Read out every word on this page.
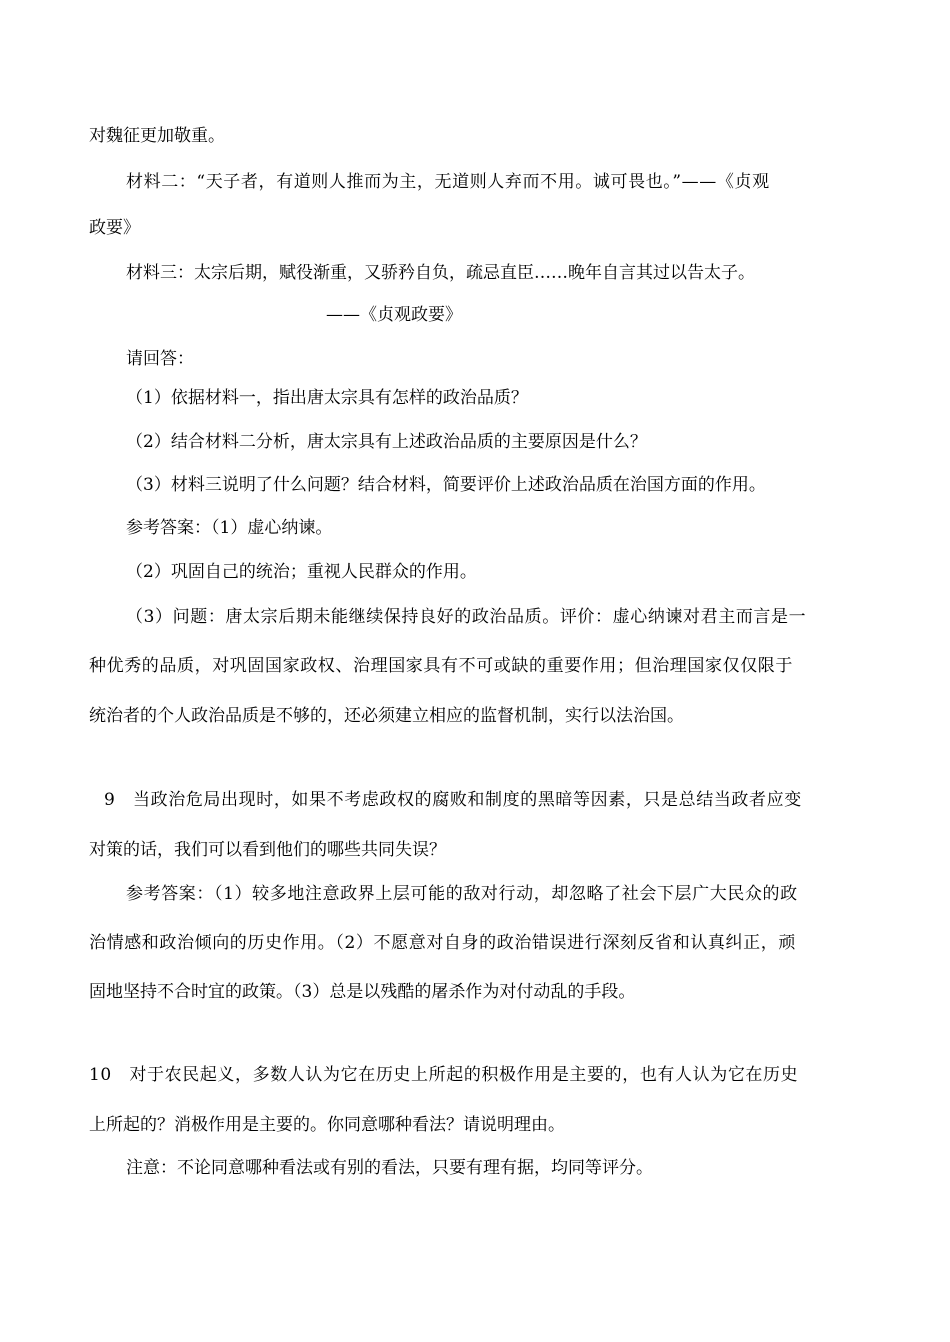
对魏征更加敬重。
材料二：“天子者，有道则人推而为主，无道则人弃而不用。诚可畏也。”——《贞观
政要》
材料三：太宗后期，赋役渐重，又骄矜自负，疏忌直臣……晚年自言其过以告太子。
——《贞观政要》
请回答：
（1）依据材料一，指出唐太宗具有怎样的政治品质？
（2）结合材料二分析，唐太宗具有上述政治品质的主要原因是什么？
（3）材料三说明了什么问题？结合材料，简要评价上述政治品质在治国方面的作用。
参考答案：（1）虚心纳谏。
（2）巩固自己的统治；重视人民群众的作用。
（3）问题：唐太宗后期未能继续保持良好的政治品质。评价：虚心纳谏对君主而言是一
种优秀的品质，对巩固国家政权、治理国家具有不可或缺的重要作用；但治理国家仅仅限于
统治者的个人政治品质是不够的，还必须建立相应的监督机制，实行以法治国。
9　当政治危局出现时，如果不考虑政权的腐败和制度的黑暗等因素，只是总结当政者应变
对策的话，我们可以看到他们的哪些共同失误？
参考答案：（1）较多地注意政界上层可能的敌对行动，却忽略了社会下层广大民众的政
治情感和政治倾向的历史作用。（2）不愿意对自身的政治错误进行深刻反省和认真纠正，顽
固地坚持不合时宜的政策。（3）总是以残酷的屠杀作为对付动乱的手段。
10　对于农民起义，多数人认为它在历史上所起的积极作用是主要的，也有人认为它在历史
上所起的？消极作用是主要的。你同意哪种看法？请说明理由。
注意：不论同意哪种看法或有别的看法，只要有理有据，均同等评分。
